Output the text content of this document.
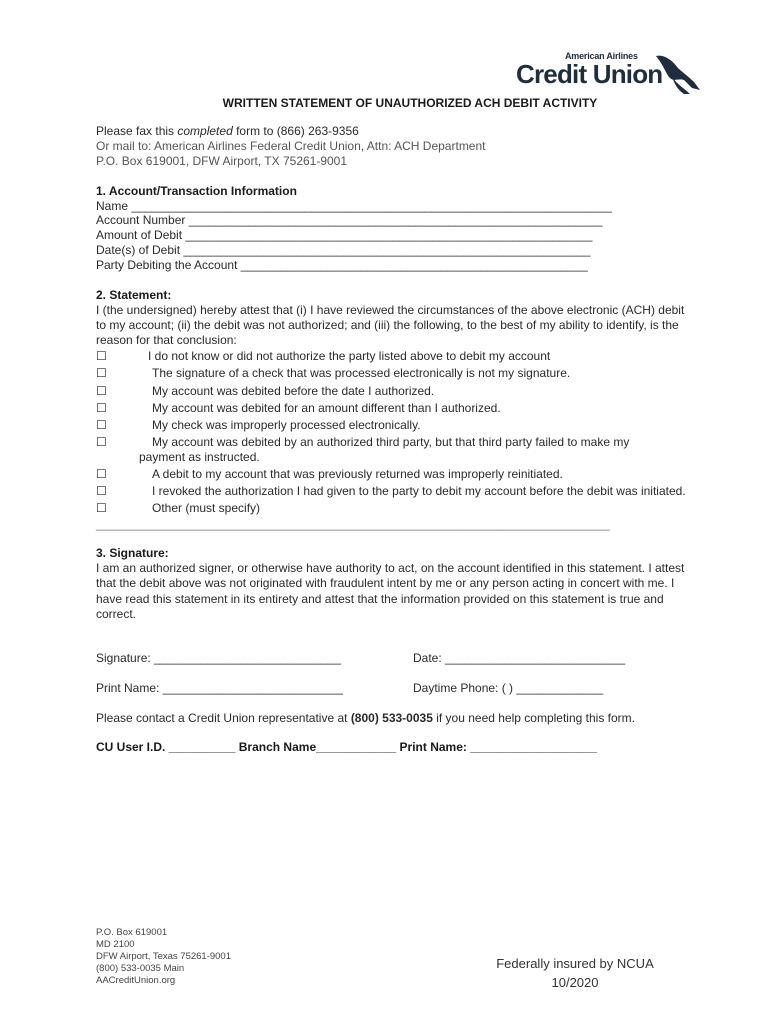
American Airlines
Credit Union
WRITTEN STATEMENT OF UNAUTHORIZED ACH DEBIT ACTIVITY
Please fax this completed form to (866) 263-9356
Or mail to: American Airlines Federal Credit Union, Attn: ACH Department
P.O. Box 619001, DFW Airport, TX 75261-9001
1. Account/Transaction Information
Name ________________________________________________________________________
Account Number ______________________________________________________________
Amount of Debit _____________________________________________________________
Date(s) of Debit _____________________________________________________________
Party Debiting the Account ____________________________________________________
2. Statement:
I (the undersigned) hereby attest that (i) I have reviewed the circumstances of the above electronic (ACH) debit
to my account; (ii) the debit was not authorized; and (iii) the following, to the best of my ability to identify, is the
reason for that conclusion:
☐	I do not know or did not authorize the party listed above to debit my account
☐	The signature of a check that was processed electronically is not my signature.
☐	My account was debited before the date I authorized.
☐	My account was debited for an amount different than I authorized.
☐	My check was improperly processed electronically.
☐	My account was debited by an authorized third party, but that third party failed to make my
payment as instructed.
☐	A debit to my account that was previously returned was improperly reinitiated.
☐	I revoked the authorization I had given to the party to debit my account before the debit was initiated.
☐	Other (must specify)
_____________________________________________________________________________
3. Signature:
I am an authorized signer, or otherwise have authority to act, on the account identified in this statement. I attest
that the debit above was not originated with fraudulent intent by me or any person acting in concert with me. I
have read this statement in its entirety and attest that the information provided on this statement is true and
correct.
Signature: ____________________________	Date: ___________________________
Print Name: ___________________________	Daytime Phone: ( ) _____________
Please contact a Credit Union representative at (800) 533-0035 if you need help completing this form.
CU User I.D. __________ Branch Name____________ Print Name: ___________________
P.O. Box 619001
MD 2100
DFW Airport, Texas 75261-9001
(800) 533-0035 Main
AACreditUnion.org
Federally insured by NCUA
10/2020
